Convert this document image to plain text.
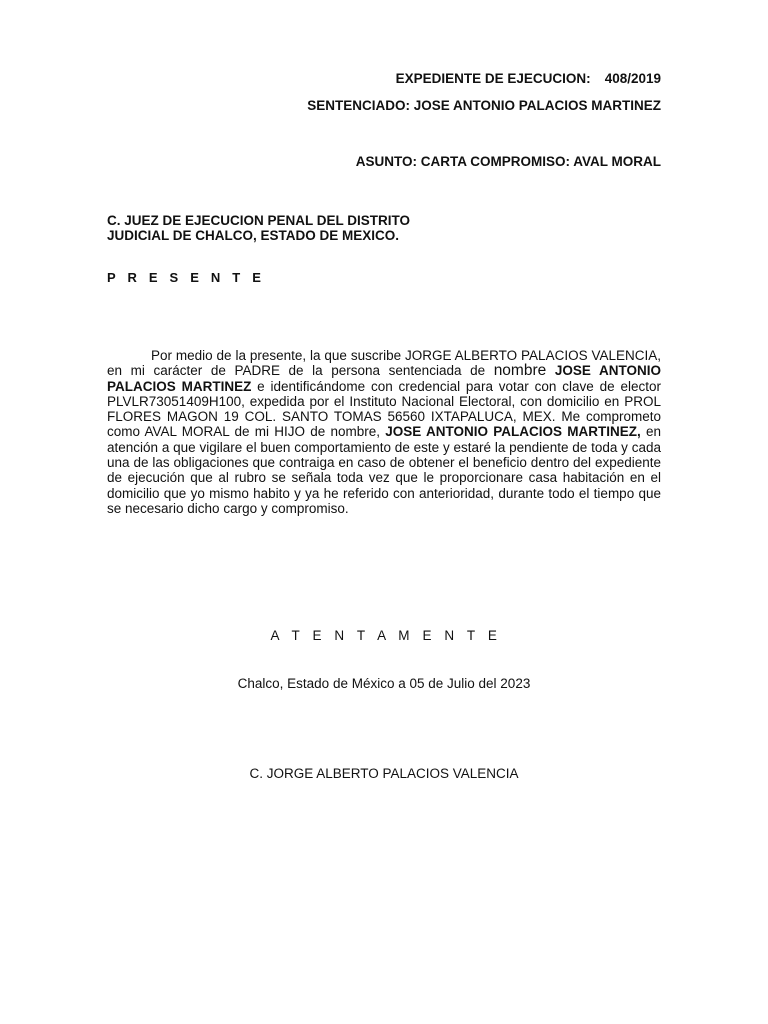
EXPEDIENTE DE EJECUCION: 408/2019
SENTENCIADO: JOSE ANTONIO PALACIOS MARTINEZ
ASUNTO: CARTA COMPROMISO: AVAL MORAL
C. JUEZ DE EJECUCION PENAL DEL DISTRITO JUDICIAL DE CHALCO, ESTADO DE MEXICO.
P R E S E N T E

Por medio de la presente, la que suscribe JORGE ALBERTO PALACIOS VALENCIA, en mi carácter de PADRE de la persona sentenciada de nombre JOSE ANTONIO PALACIOS MARTINEZ e identificándome con credencial para votar con clave de elector PLVLR73051409H100, expedida por el Instituto Nacional Electoral, con domicilio en PROL FLORES MAGON 19 COL. SANTO TOMAS 56560 IXTAPALUCA, MEX. Me comprometo como AVAL MORAL de mi HIJO de nombre, JOSE ANTONIO PALACIOS MARTINEZ, en atención a que vigilare el buen comportamiento de este y estaré la pendiente de toda y cada una de las obligaciones que contraiga en caso de obtener el beneficio dentro del expediente de ejecución que al rubro se señala toda vez que le proporcionare casa habitación en el domicilio que yo mismo habito y ya he referido con anterioridad, durante todo el tiempo que se necesario dicho cargo y compromiso.

A T E N T A M E N T E
Chalco, Estado de México a 05 de Julio del 2023
C. JORGE ALBERTO PALACIOS VALENCIA
